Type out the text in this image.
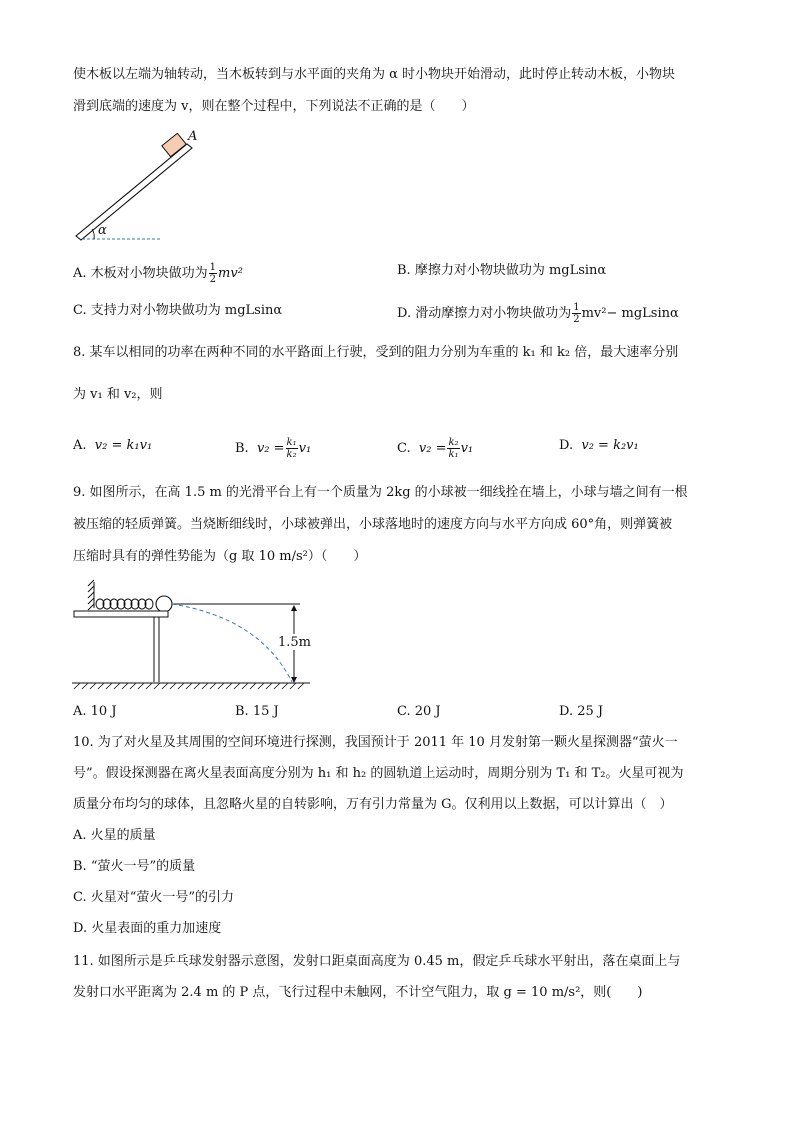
使木板以左端为轴转动，当木板转到与水平面的夹角为 α 时小物块开始滑动，此时停止转动木板，小物块
滑到底端的速度为 v，则在整个过程中，下列说法不正确的是（　　）
A
α
A. 木板对小物块做功为 $\frac{1}{2} mv^2$	B. 摩擦力对小物块做功为 mgLsinα
C. 支持力对小物块做功为 mgLsinα	D. 滑动摩擦力对小物块做功为 $\frac{1}{2} mv^2- mgLsin\alpha$
8. 某车以相同的功率在两种不同的水平路面上行驶，受到的阻力分别为车重的 k₁ 和 k₂ 倍，最大速率分别
为 v₁ 和 v₂，则
A. v₂ = k₁v₁	B. $v_2 = \frac{\text{k₁}}{\text{k₂}} v_1$	C. $v_2 = \frac{\text{k₂}}{\text{k₁}} v_1$	D. v₂ = k₂v₁
9. 如图所示，在高 1.5 m 的光滑平台上有一个质量为 2kg 的小球被一细线拴在墙上，小球与墙之间有一根
被压缩的轻质弹簧。当烧断细线时，小球被弹出，小球落地时的速度方向与水平方向成 60°角，则弹簧被
压缩时具有的弹性势能为（g 取 10 m/s²）（　　）
1.5m
A. 10 J	B. 15 J	C. 20 J	D. 25 J
10. 为了对火星及其周围的空间环境进行探测，我国预计于 2011 年 10 月发射第一颗火星探测器“萤火一
号”。假设探测器在离火星表面高度分别为 h₁ 和 h₂ 的圆轨道上运动时，周期分别为 T₁ 和 T₂。火星可视为
质量分布均匀的球体，且忽略火星的自转影响，万有引力常量为 G。仅利用以上数据，可以计算出（　）
A. 火星的质量
B. “萤火一号”的质量
C. 火星对“萤火一号”的引力
D. 火星表面的重力加速度
11. 如图所示是乒乓球发射器示意图，发射口距桌面高度为 0.45 m，假定乒乓球水平射出，落在桌面上与
发射口水平距离为 2.4 m 的 P 点，飞行过程中未触网，不计空气阻力，取 g = 10 m/s²，则(　　)
